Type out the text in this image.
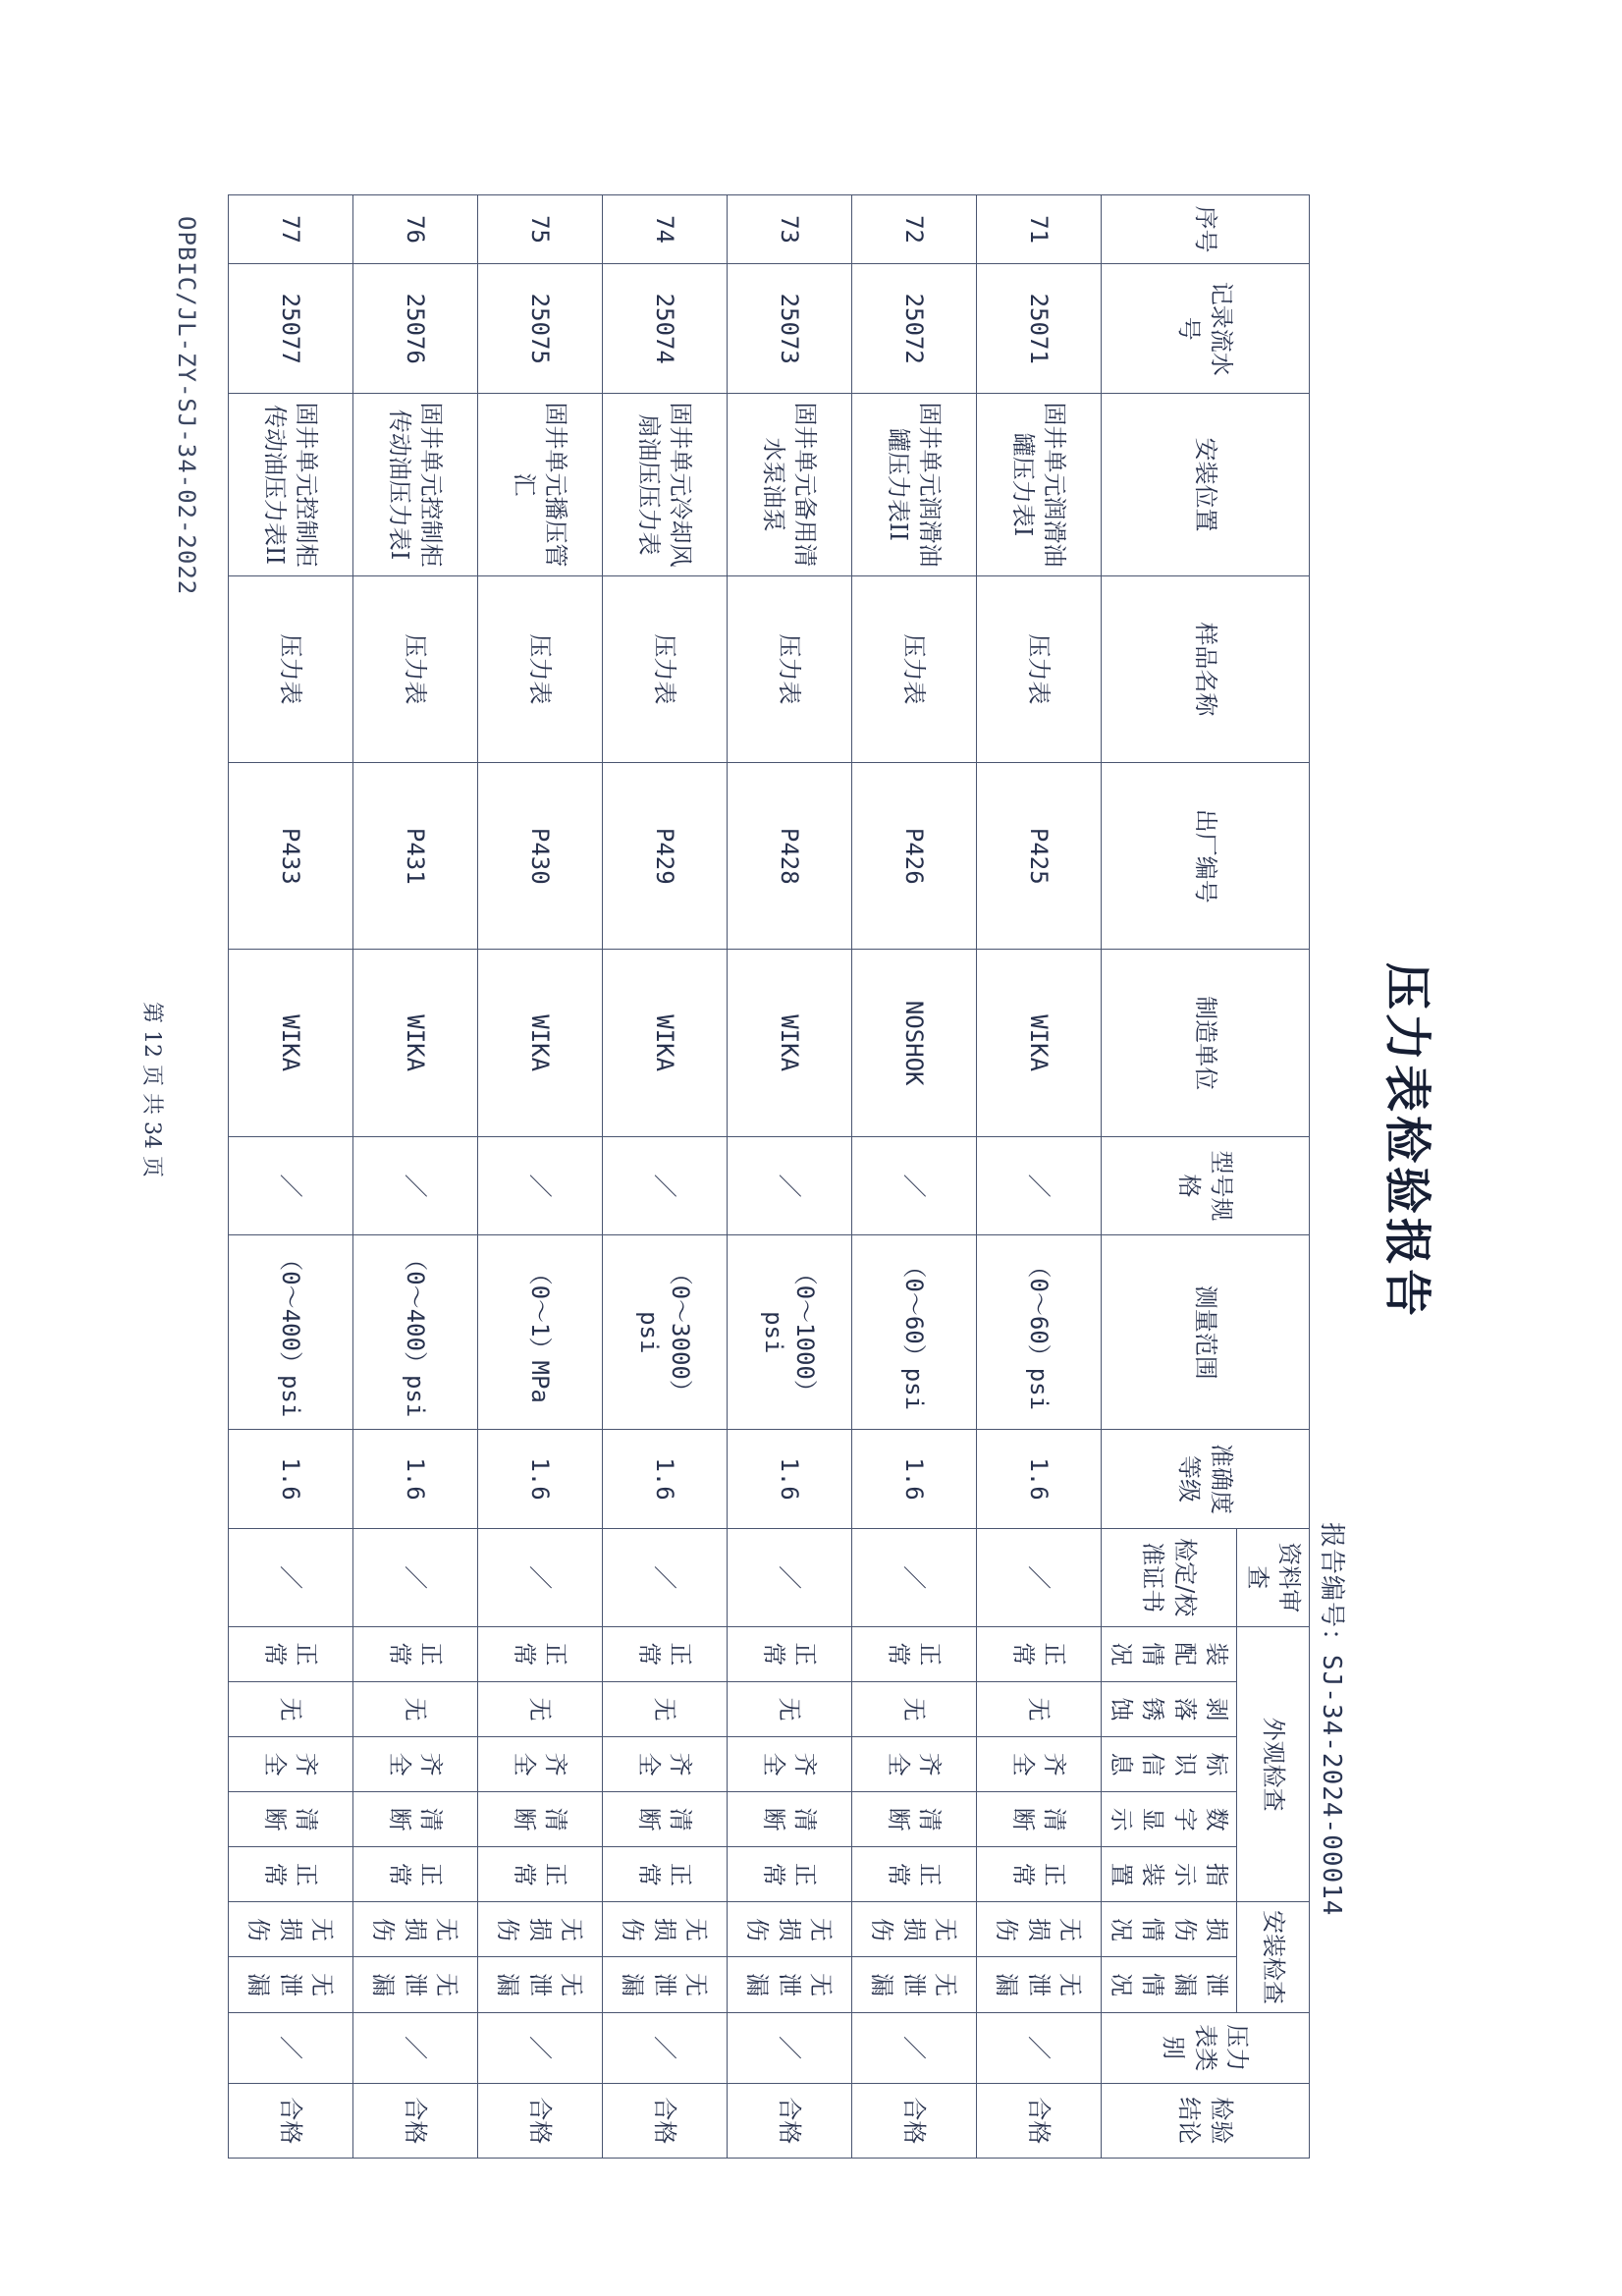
OPBIC/JL-ZY-SJ-34-02-2022
压力表检验报告
报告编号：SJ-34-2024-00014
序号	记录流水号	安装位置	样品名称	出厂编号	制造单位	型号规格	测量范围	准确度等级	资料审查	外观检查					安装检查		压力表类别	检验结论
									检定/校准证书	装配情况	剥落锈蚀	标识信息	数字显示	指示装置	损伤情况	泄漏情况		
71	25071	固井单元润滑油罐压力表I	压力表	P425	WIKA	／	（0～60）psi	1.6	／	正常	无	齐全	清断	正常	无损伤	无泄漏	／	合格
72	25072	固井单元润滑油罐压力表II	压力表	P426	NOSHOK	／	（0～60）psi	1.6	／	正常	无	齐全	清断	正常	无损伤	无泄漏	／	合格
73	25073	固井单元备用清水泵油泵	压力表	P428	WIKA	／	（0～1000）psi	1.6	／	正常	无	齐全	清断	正常	无损伤	无泄漏	／	合格
74	25074	固井单元冷却风扇油压压力表	压力表	P429	WIKA	／	（0～3000）psi	1.6	／	正常	无	齐全	清断	正常	无损伤	无泄漏	／	合格
75	25075	固井单元播压管汇	压力表	P430	WIKA	／	（0～1）MPa	1.6	／	正常	无	齐全	清断	正常	无损伤	无泄漏	／	合格
76	25076	固井单元控制柜传动油压力表I	压力表	P431	WIKA	／	（0～400）psi	1.6	／	正常	无	齐全	清断	正常	无损伤	无泄漏	／	合格
77	25077	固井单元控制柜传动油压力表II	压力表	P433	WIKA	／	（0～400）psi	1.6	／	正常	无	齐全	清断	正常	无损伤	无泄漏	／	合格
第 12 页 共 34 页
